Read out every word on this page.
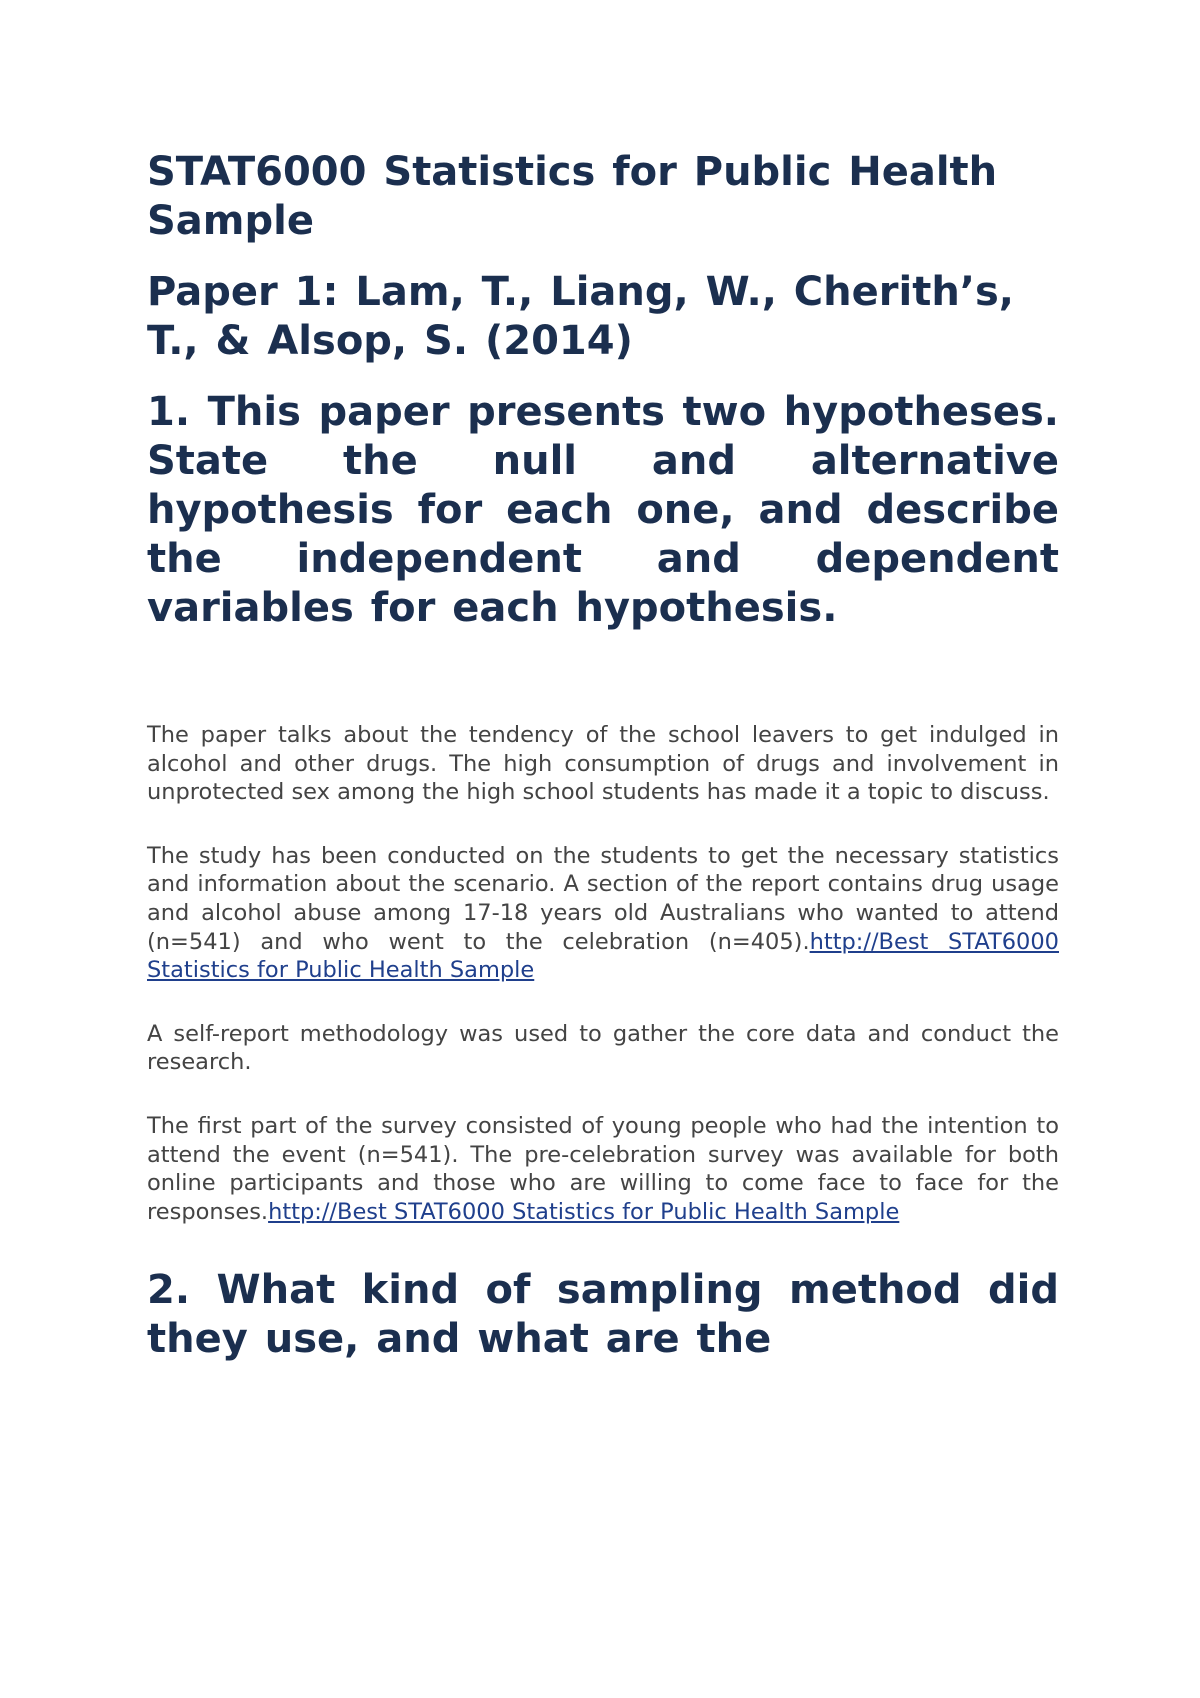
STAT6000 Statistics for Public Health Sample
Paper 1: Lam, T., Liang, W., Cherith’s, T., & Alsop, S. (2014)
1. This paper presents two hypotheses. State the null and alternative hypothesis for each one, and describe the independent and dependent variables for each hypothesis.

The paper talks about the tendency of the school leavers to get indulged in alcohol and other drugs. The high consumption of drugs and involvement in unprotected sex among the high school students has made it a topic to discuss.

The study has been conducted on the students to get the necessary statistics and information about the scenario. A section of the report contains drug usage and alcohol abuse among 17-18 years old Australians who wanted to attend (n=541) and who went to the celebration (n=405).http://Best STAT6000 Statistics for Public Health Sample

A self-report methodology was used to gather the core data and conduct the research.

The first part of the survey consisted of young people who had the intention to attend the event (n=541). The pre-celebration survey was available for both online participants and those who are willing to come face to face for the responses.http://Best STAT6000 Statistics for Public Health Sample

2. What kind of sampling method did they use, and what are the
